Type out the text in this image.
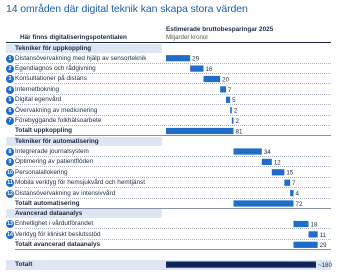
14 områden där digital teknik kan skapa stora värden
Här finns digitaliseringspotentialen
Estimerade bruttobesparingar 2025
Miljarder kronor
Tekniker för uppkoppling
1 Distansövervakning med hjälp av sensorteknik
2 Egendiagnos och rådgivning
3 Konsultationer på distans
4 Internetbokning
5 Digital egenvård
6 Övervakning av medicinering
7 Förebyggande folkhälsoarbete
Totalt uppkoppling
Tekniker för automatisering
8 Integrerade journalsystem
9 Optimering av patientflöden
10 Personalallokering
11 Mobila verktyg för hemsjukvård och hemtjänst
12 Distansövervakning av intensivvård
Totalt automatisering
Avancerad dataanalys
13 Enhetlighet i vårdutförandet
14 Verktyg för kliniskt beslutsstöd
Totalt avancerad dataanalys
Totalt
29
16
20
7
5
2
2
81
34
12
15
7
4
72
18
11
29
~180
